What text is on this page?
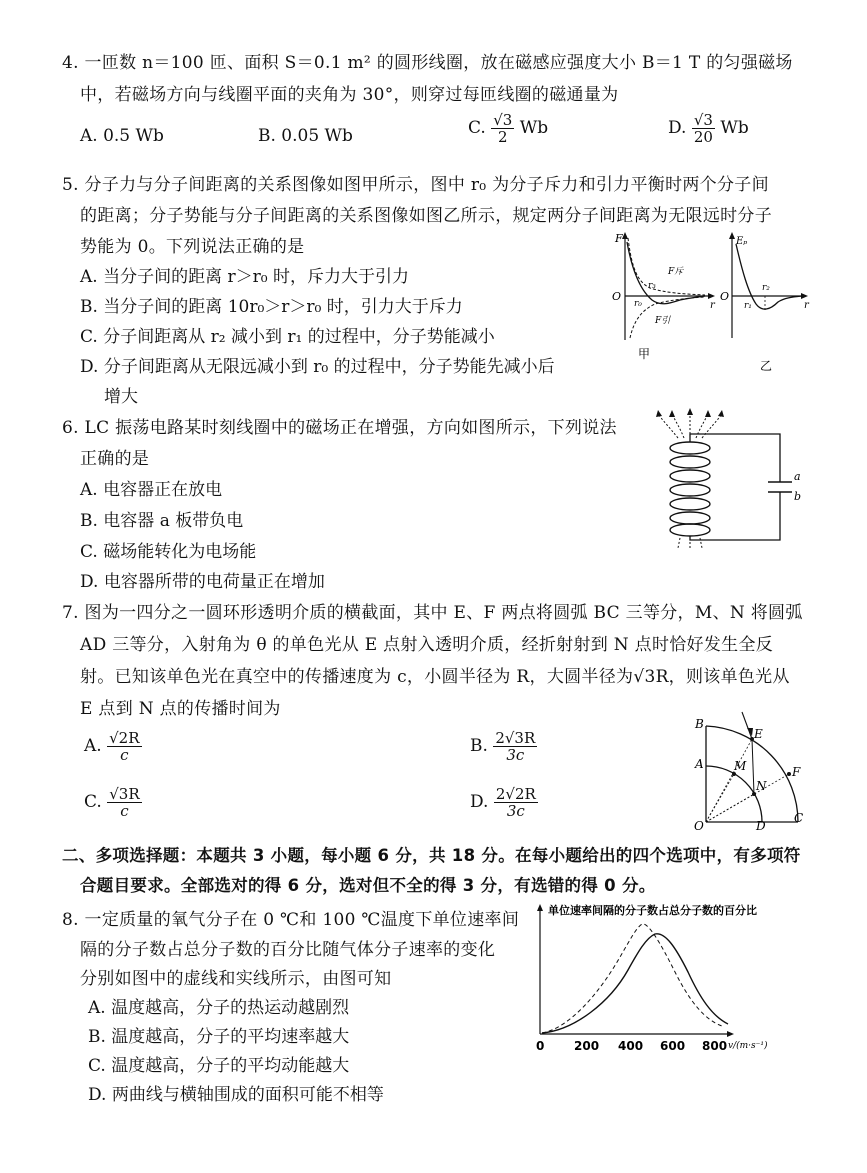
4. 一匝数 n＝100 匝、面积 S＝0.1 m² 的圆形线圈，放在磁感应强度大小 B＝1 T 的匀强磁场
中，若磁场方向与线圈平面的夹角为 30°，则穿过每匝线圈的磁通量为
A. 0.5 Wb	B. 0.05 Wb	C. $\frac{√3}{2}$ Wb	D. $\frac{√3}{20}$ Wb
5. 分子力与分子间距离的关系图像如图甲所示，图中 r₀ 为分子斥力和引力平衡时两个分子间
的距离；分子势能与分子间距离的关系图像如图乙所示，规定两分子间距离为无限远时分子
势能为 0。下列说法正确的是
A. 当分子间的距离 r＞r₀ 时，斥力大于引力
B. 当分子间的距离 10r₀＞r＞r₀ 时，引力大于斥力
C. 分子间距离从 r₂ 减小到 r₁ 的过程中，分子势能减小
D. 分子间距离从无限远减小到 r₀ 的过程中，分子势能先减小后
增大
F
O
r
r₀
r₃
F斥
F引
甲
Eₚ
O
r
r₁
r₂
乙
6. LC 振荡电路某时刻线圈中的磁场正在增强，方向如图所示，下列说法
正确的是
A. 电容器正在放电
B. 电容器 a 板带负电
C. 磁场能转化为电场能
D. 电容器所带的电荷量正在增加
a
b
7. 图为一四分之一圆环形透明介质的横截面，其中 E、F 两点将圆弧 BC 三等分，M、N 将圆弧
AD 三等分，入射角为 θ 的单色光从 E 点射入透明介质，经折射射到 N 点时恰好发生全反
射。已知该单色光在真空中的传播速度为 c，小圆半径为 R，大圆半径为√3R，则该单色光从
E 点到 N 点的传播时间为
A. $\frac{√2R}{c}$	B. $\frac{2√3R}{3c}$
C. $\frac{√3R}{c}$	D. $\frac{2√2R}{3c}$
B
A
E
F
M
N
O	D
C
二、多项选择题：本题共 3 小题，每小题 6 分，共 18 分。在每小题给出的四个选项中，有多项符
合题目要求。全部选对的得 6 分，选对但不全的得 3 分，有选错的得 0 分。
8. 一定质量的氧气分子在 0 ℃和 100 ℃温度下单位速率间
隔的分子数占总分子数的百分比随气体分子速率的变化
分别如图中的虚线和实线所示，由图可知
A. 温度越高，分子的热运动越剧烈
B. 温度越高，分子的平均速率越大
C. 温度越高，分子的平均动能越大
D. 两曲线与横轴围成的面积可能不相等
单位速率间隔的分子数占总分子数的百分比
0 200 400 600 800 v/(m·s⁻¹)
